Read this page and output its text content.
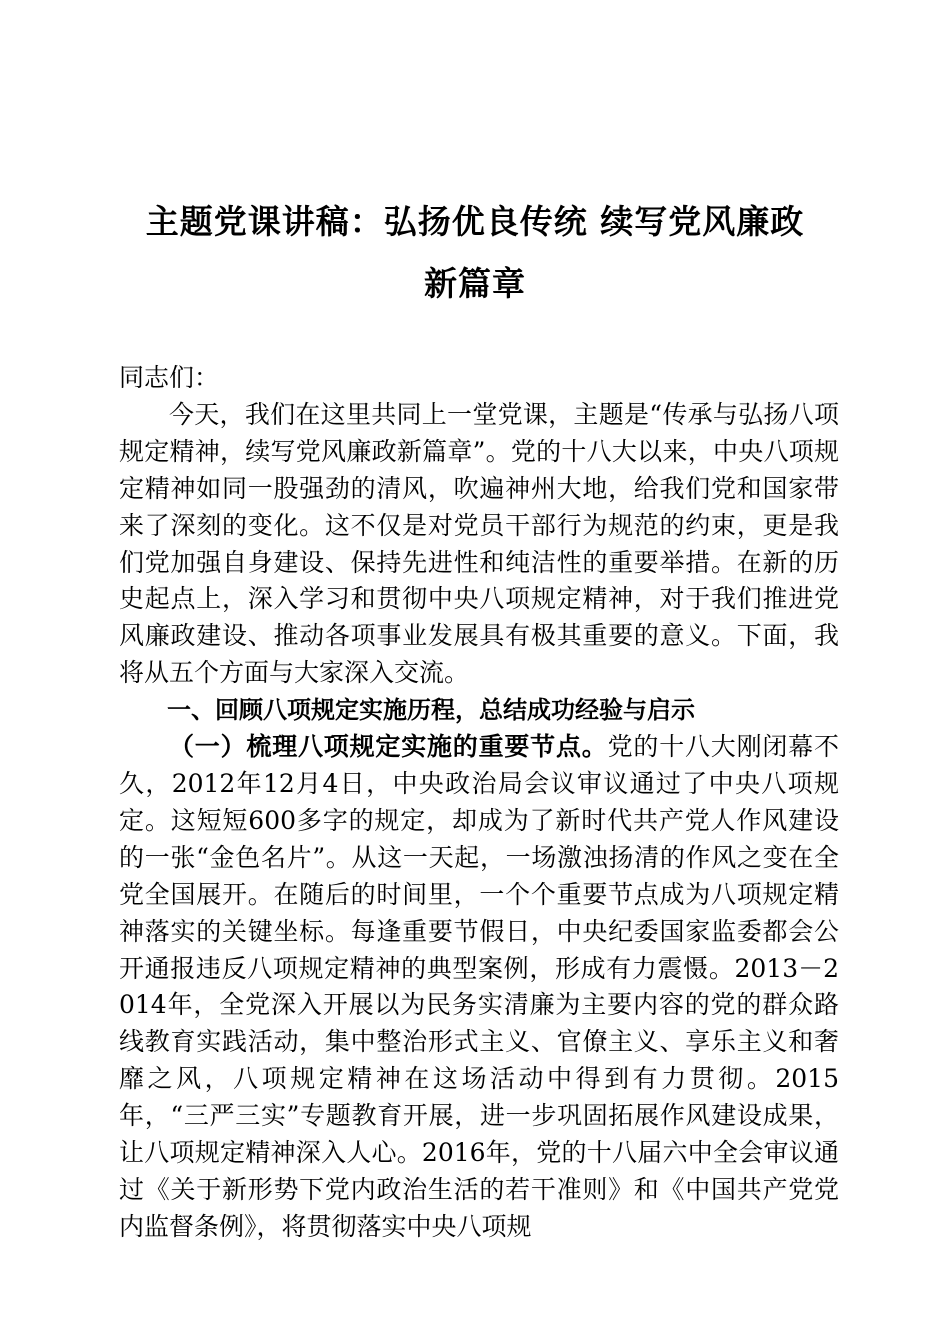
主题党课讲稿：弘扬优良传统 续写党风廉政
新篇章

同志们：

今天，我们在这里共同上一堂党课，主题是“传承与弘扬八项规定精神，续写党风廉政新篇章”。党的十八大以来，中央八项规定精神如同一股强劲的清风，吹遍神州大地，给我们党和国家带来了深刻的变化。这不仅是对党员干部行为规范的约束，更是我们党加强自身建设、保持先进性和纯洁性的重要举措。在新的历史起点上，深入学习和贯彻中央八项规定精神，对于我们推进党风廉政建设、推动各项事业发展具有极其重要的意义。下面，我将从五个方面与大家深入交流。

一、回顾八项规定实施历程，总结成功经验与启示

（一）梳理八项规定实施的重要节点。党的十八大刚闭幕不久，2012年12月4日，中央政治局会议审议通过了中央八项规定。这短短600多字的规定，却成为了新时代共产党人作风建设的一张“金色名片”。从这一天起，一场激浊扬清的作风之变在全党全国展开。在随后的时间里，一个个重要节点成为八项规定精神落实的关键坐标。每逢重要节假日，中央纪委国家监委都会公开通报违反八项规定精神的典型案例，形成有力震慑。2013－2014年，全党深入开展以为民务实清廉为主要内容的党的群众路线教育实践活动，集中整治形式主义、官僚主义、享乐主义和奢靡之风，八项规定精神在这场活动中得到有力贯彻。2015年，“三严三实”专题教育开展，进一步巩固拓展作风建设成果，让八项规定精神深入人心。2016年，党的十八届六中全会审议通过《关于新形势下党内政治生活的若干准则》和《中国共产党党内监督条例》，将贯彻落实中央八项规
